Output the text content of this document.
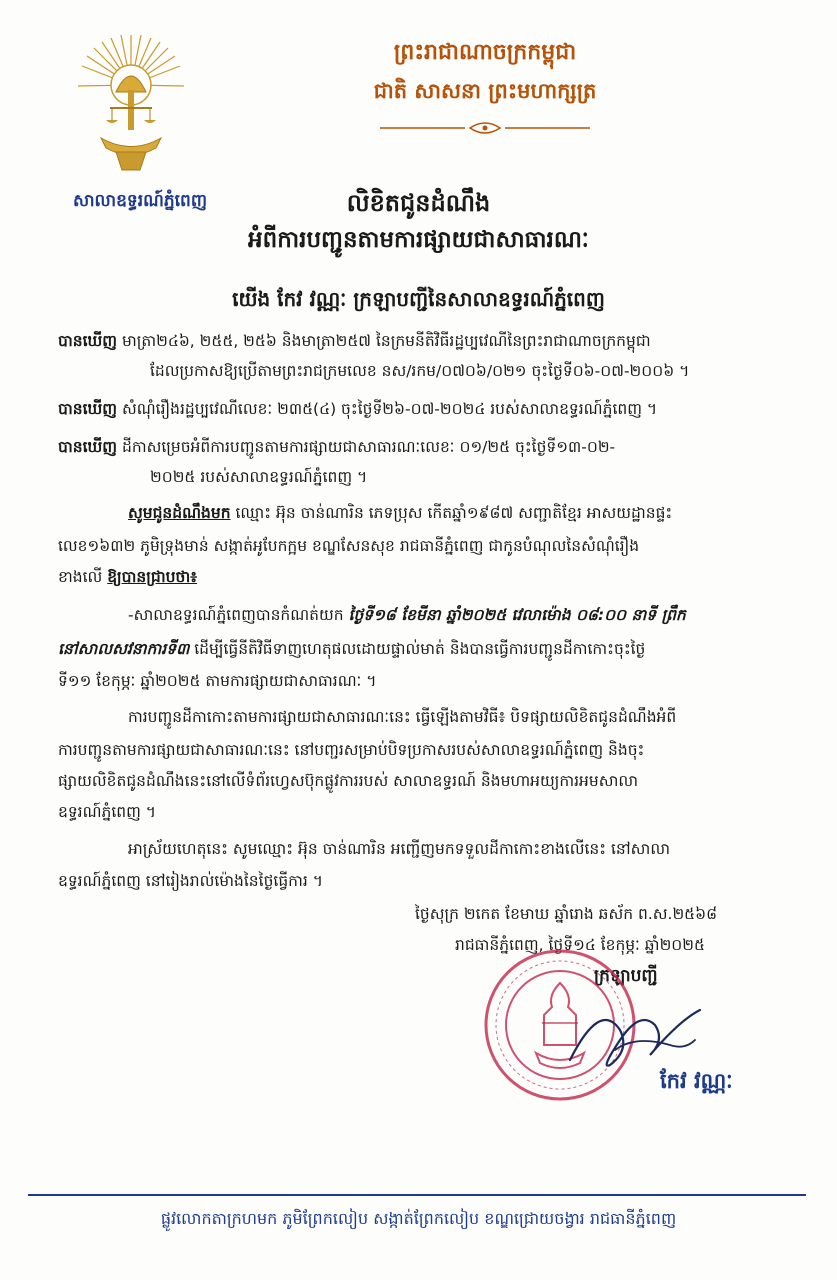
សាលាឧទ្ធរណ៍ភ្នំពេញ
ព្រះរាជាណាចក្រកម្ពុជា
ជាតិ សាសនា ព្រះមហាក្សត្រ
លិខិតជូនដំណឹង
អំពីការបញ្ជូនតាមការផ្សាយជាសាធារណៈ
យើង កែវ វណ្ណៈ ក្រឡាបញ្ជីនៃសាលាឧទ្ធរណ៍ភ្នំពេញ
បានឃើញ មាត្រា២៤៦, ២៥៥, ២៥៦ និងមាត្រា២៥៧ នៃក្រមនីតិវិធីរដ្ឋប្បវេណីនៃព្រះរាជាណាចក្រកម្ពុជា
ដែលប្រកាសឱ្យប្រើតាមព្រះរាជក្រមលេខ នស/រកម/០៧០៦/០២១ ចុះថ្ងៃទី០៦-០៧-២០០៦ ។
បានឃើញ សំណុំរឿងរដ្ឋប្បវេណីលេខៈ ២៣៥(៤) ចុះថ្ងៃទី២៦-០៧-២០២៤ របស់សាលាឧទ្ធរណ៍ភ្នំពេញ ។
បានឃើញ ដីកាសម្រេចអំពីការបញ្ជូនតាមការផ្សាយជាសាធារណៈលេខៈ ០១/២៥ ចុះថ្ងៃទី១៣-០២-
២០២៥ របស់សាលាឧទ្ធរណ៍ភ្នំពេញ ។
សូមជូនដំណឹងមក ឈ្មោះ អ៊ុន ចាន់ណារិន ភេទប្រុស កើតឆ្នាំ១៩៨៧ សញ្ជាតិខ្មែរ អាសយដ្ឋានផ្ទះ
លេខ១៦៣២ ភូមិទ្រុងមាន់ សង្កាត់អូបែកក្អម ខណ្ឌសែនសុខ រាជធានីភ្នំពេញ ជាកូនបំណុលនៃសំណុំរឿង
ខាងលើ ឱ្យបានជ្រាបថា៖
-សាលាឧទ្ធរណ៍ភ្នំពេញបានកំណត់យក ថ្ងៃទី១៨ ខែមីនា ឆ្នាំ២០២៥ វេលាម៉ោង ០៨:០០ នាទី ព្រឹក
នៅសាលសវនាការទី៣ ដើម្បីធ្វើនីតិវិធីទាញហេតុផលដោយផ្ទាល់មាត់ និងបានធ្វើការបញ្ជូនដីកាកោះចុះថ្ងៃ
ទី១១ ខែកុម្ភៈ ឆ្នាំ២០២៥ តាមការផ្សាយជាសាធារណៈ ។
ការបញ្ជូនដីកាកោះតាមការផ្សាយជាសាធារណៈនេះ ធ្វើឡើងតាមវិធី៖ បិទផ្សាយលិខិតជូនដំណឹងអំពី
ការបញ្ជូនតាមការផ្សាយជាសាធារណៈនេះ នៅបញ្ជរសម្រាប់បិទប្រកាសរបស់សាលាឧទ្ធរណ៍ភ្នំពេញ និងចុះ
ផ្សាយលិខិតជូនដំណឹងនេះនៅលើទំព័រហ្វេសប៊ុកផ្លូវការរបស់ សាលាឧទ្ធរណ៍ និងមហាអយ្យការអមសាលា
ឧទ្ធរណ៍ភ្នំពេញ ។
អាស្រ័យហេតុនេះ សូមឈ្មោះ អ៊ុន ចាន់ណារិន អញ្ជើញមកទទួលដីកាកោះខាងលើនេះ នៅសាលា
ឧទ្ធរណ៍ភ្នំពេញ នៅរៀងរាល់ម៉ោងនៃថ្ងៃធ្វើការ ។
ថ្ងៃសុក្រ ២កេត ខែមាឃ ឆ្នាំរោង ឆស័ក ព.ស.២៥៦៨
រាជធានីភ្នំពេញ, ថ្ងៃទី១៤ ខែកុម្ភៈ ឆ្នាំ២០២៥
ក្រឡាបញ្ជី
កែវ វណ្ណៈ
ផ្លូវលោកតាក្រហមក ភូមិព្រែកលៀប សង្កាត់ព្រែកលៀប ខណ្ឌជ្រោយចង្វារ រាជធានីភ្នំពេញ
